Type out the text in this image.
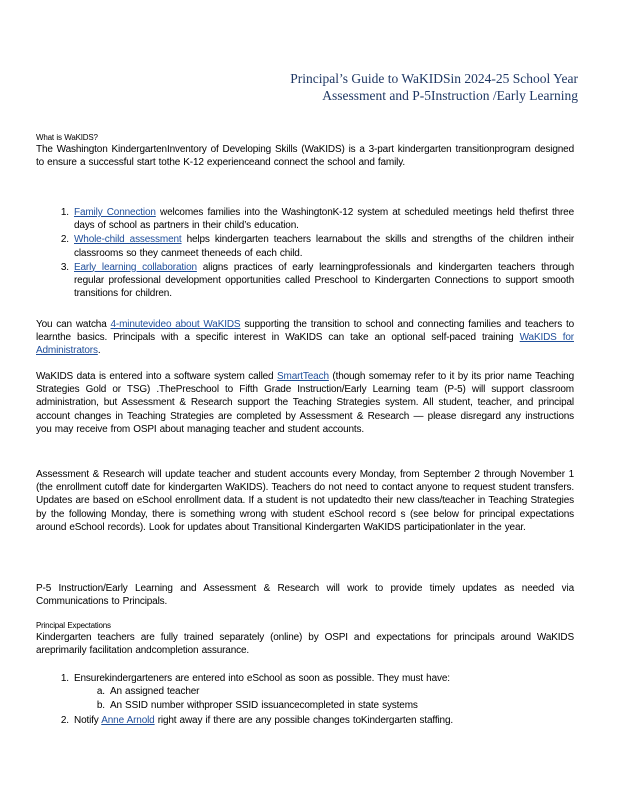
Principal’s Guide to WaKIDSin 2024-25 School Year
Assessment and P-5Instruction /Early Learning
What is WaKIDS?
The Washington KindergartenInventory of Developing Skills (WaKIDS) is a 3-part kindergarten transitionprogram designed to ensure a successful start tothe K-12 experienceand connect the school and family.
1. Family Connection welcomes families into the WashingtonK-12 system at scheduled meetings held thefirst three days of school as partners in their child’s education.
2. Whole-child assessment helps kindergarten teachers learnabout the skills and strengths of the children intheir classrooms so they canmeet theneeds of each child.
3. Early learning collaboration aligns practices of early learningprofessionals and kindergarten teachers through regular professional development opportunities called Preschool to Kindergarten Connections to support smooth transitions for children.
You can watcha 4-minutevideo about WaKIDS supporting the transition to school and connecting families and teachers to learnthe basics. Principals with a specific interest in WaKIDS can take an optional self-paced training WaKIDS for Administrators.
WaKIDS data is entered into a software system called SmartTeach (though somemay refer to it by its prior name Teaching Strategies Gold or TSG) .ThePreschool to Fifth Grade Instruction/Early Learning team (P-5) will support classroom administration, but Assessment & Research support the Teaching Strategies system. All student, teacher, and principal account changes in Teaching Strategies are completed by Assessment & Research — please disregard any instructions you may receive from OSPI about managing teacher and student accounts.
Assessment & Research will update teacher and student accounts every Monday, from September 2 through November 1 (the enrollment cutoff date for kindergarten WaKIDS). Teachers do not need to contact anyone to request student transfers. Updates are based on eSchool enrollment data. If a student is not updatedto their new class/teacher in Teaching Strategies by the following Monday, there is something wrong with student eSchool record s (see below for principal expectations around eSchool records). Look for updates about Transitional Kindergarten WaKIDS participationlater in the year.
P-5 Instruction/Early Learning and Assessment & Research will work to provide timely updates as needed via Communications to Principals.
Principal Expectations
Kindergarten teachers are fully trained separately (online) by OSPI and expectations for principals around WaKIDS areprimarily facilitation andcompletion assurance.
1. Ensurekindergarteners are entered into eSchool as soon as possible. They must have:
a. An assigned teacher
b. An SSID number withproper SSID issuancecompleted in state systems
2. Notify Anne Arnold right away if there are any possible changes toKindergarten staffing.
